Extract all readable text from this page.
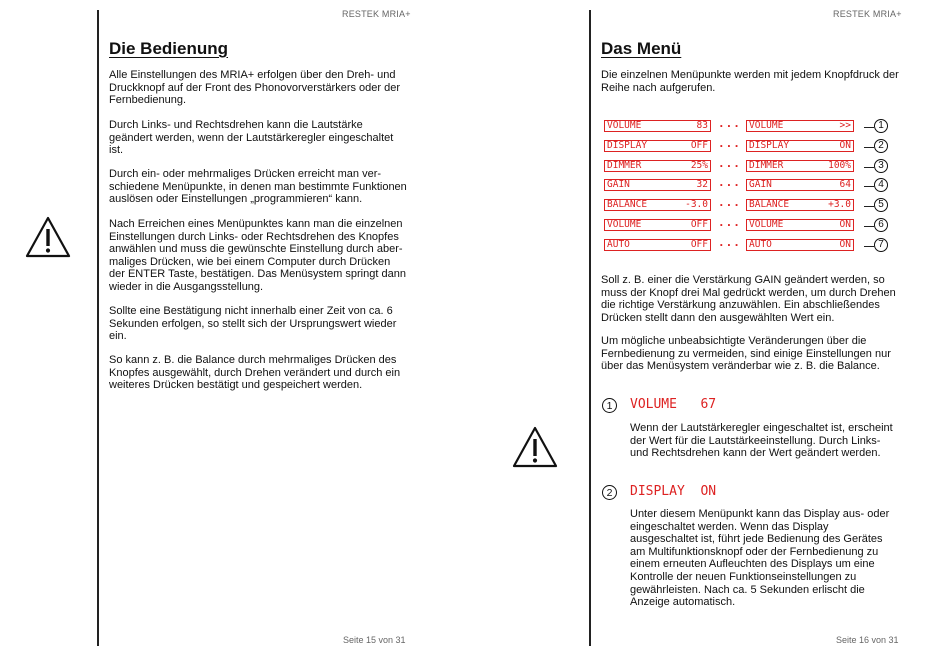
RESTEK MRIA+
Die Bedienung

Alle Einstellungen des MRIA+ erfolgen über den Dreh- und
Druckknopf auf der Front des Phonovorverstärkers oder der
Fernbedienung.

Durch Links- und Rechtsdrehen kann die Lautstärke
geändert werden, wenn der Lautstärkeregler eingeschaltet
ist.

Durch ein- oder mehrmaliges Drücken erreicht man ver-
schiedene Menüpunkte, in denen man bestimmte Funktionen
auslösen oder Einstellungen „programmieren“ kann.

Nach Erreichen eines Menüpunktes kann man die einzelnen
Einstellungen durch Links- oder Rechtsdrehen des Knopfes
anwählen und muss die gewünschte Einstellung durch aber-
maliges Drücken, wie bei einem Computer durch Drücken
der ENTER Taste, bestätigen. Das Menüsystem springt dann
wieder in die Ausgangsstellung.

Sollte eine Bestätigung nicht innerhalb einer Zeit von ca. 6
Sekunden erfolgen, so stellt sich der Ursprungswert wieder
ein.

So kann z. B. die Balance durch mehrmaliges Drücken des
Knopfes ausgewählt, durch Drehen verändert und durch ein
weiteres Drücken bestätigt und gespeichert werden.

Seite 15 von 31
RESTEK MRIA+
Das Menü

Die einzelnen Menüpunkte werden mit jedem Knopfdruck der
Reihe nach aufgerufen.

VOLUME	83 ... VOLUME	>>	1
DISPLAY	OFF ... DISPLAY	ON	2
DIMMER	25% ... DIMMER	100%	3
GAIN	32 ... GAIN	64	4
BALANCE	-3.0 ... BALANCE	+3.0	5
VOLUME	OFF ... VOLUME	ON	6
AUTO	OFF ... AUTO	ON	7

Soll z. B. einer die Verstärkung GAIN geändert werden, so
muss der Knopf drei Mal gedrückt werden, um durch Drehen
die richtige Verstärkung anzuwählen. Ein abschließendes
Drücken stellt dann den ausgewählten Wert ein.

Um mögliche unbeabsichtigte Veränderungen über die
Fernbedienung zu vermeiden, sind einige Einstellungen nur
über das Menüsystem veränderbar wie z. B. die Balance.

1	VOLUME   67

Wenn der Lautstärkeregler eingeschaltet ist, erscheint
der Wert für die Lautstärkeeinstellung. Durch Links-
und Rechtsdrehen kann der Wert geändert werden.

2	DISPLAY  ON

Unter diesem Menüpunkt kann das Display aus- oder
eingeschaltet werden. Wenn das Display
ausgeschaltet ist, führt jede Bedienung des Gerätes
am Multifunktionsknopf oder der Fernbedienung zu
einem erneuten Aufleuchten des Displays um eine
Kontrolle der neuen Funktionseinstellungen zu
gewährleisten. Nach ca. 5 Sekunden erlischt die
Anzeige automatisch.

Seite 16 von 31
